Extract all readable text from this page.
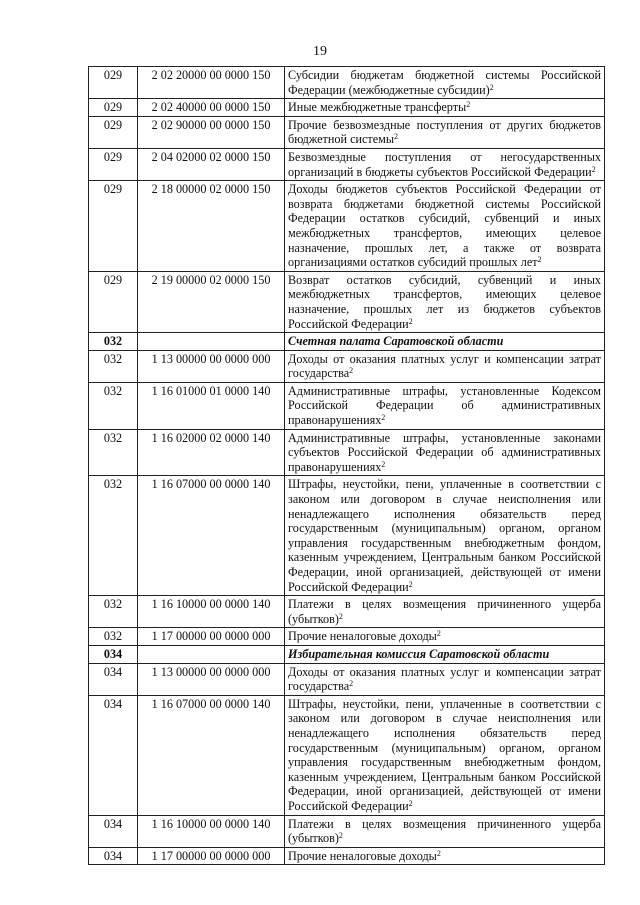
19
029	2 02 20000 00 0000 150	Субсидии бюджетам бюджетной системы Российской Федерации (межбюджетные субсидии)$^2$
029	2 02 40000 00 0000 150	Иные межбюджетные трансферты$^2$
029	2 02 90000 00 0000 150	Прочие безвозмездные поступления от других бюджетов бюджетной системы$^2$
029	2 04 02000 02 0000 150	Безвозмездные поступления от негосударственных организаций в бюджеты субъектов Российской Федерации$^2$
029	2 18 00000 02 0000 150	Доходы бюджетов субъектов Российской Федерации от возврата бюджетами бюджетной системы Российской Федерации остатков субсидий, субвенций и иных межбюджетных трансфертов, имеющих целевое назначение, прошлых лет, а также от возврата организациями остатков субсидий прошлых лет$^2$
029	2 19 00000 02 0000 150	Возврат остатков субсидий, субвенций и иных межбюджетных трансфертов, имеющих целевое назначение, прошлых лет из бюджетов субъектов Российской Федерации$^2$
032		Счетная палата Саратовской области
032	1 13 00000 00 0000 000	Доходы от оказания платных услуг и компенсации затрат государства$^2$
032	1 16 01000 01 0000 140	Административные штрафы, установленные Кодексом Российской Федерации об административных правонарушениях$^2$
032	1 16 02000 02 0000 140	Административные штрафы, установленные законами субъектов Российской Федерации об административных правонарушениях$^2$
032	1 16 07000 00 0000 140	Штрафы, неустойки, пени, уплаченные в соответствии с законом или договором в случае неисполнения или ненадлежащего исполнения обязательств перед государственным (муниципальным) органом, органом управления государственным внебюджетным фондом, казенным учреждением, Центральным банком Российской Федерации, иной организацией, действующей от имени Российской Федерации$^2$
032	1 16 10000 00 0000 140	Платежи в целях возмещения причиненного ущерба (убытков)$^2$
032	1 17 00000 00 0000 000	Прочие неналоговые доходы$^2$
034		Избирательная комиссия Саратовской области
034	1 13 00000 00 0000 000	Доходы от оказания платных услуг и компенсации затрат государства$^2$
034	1 16 07000 00 0000 140	Штрафы, неустойки, пени, уплаченные в соответствии с законом или договором в случае неисполнения или ненадлежащего исполнения обязательств перед государственным (муниципальным) органом, органом управления государственным внебюджетным фондом, казенным учреждением, Центральным банком Российской Федерации, иной организацией, действующей от имени Российской Федерации$^2$
034	1 16 10000 00 0000 140	Платежи в целях возмещения причиненного ущерба (убытков)$^2$
034	1 17 00000 00 0000 000	Прочие неналоговые доходы$^2$
